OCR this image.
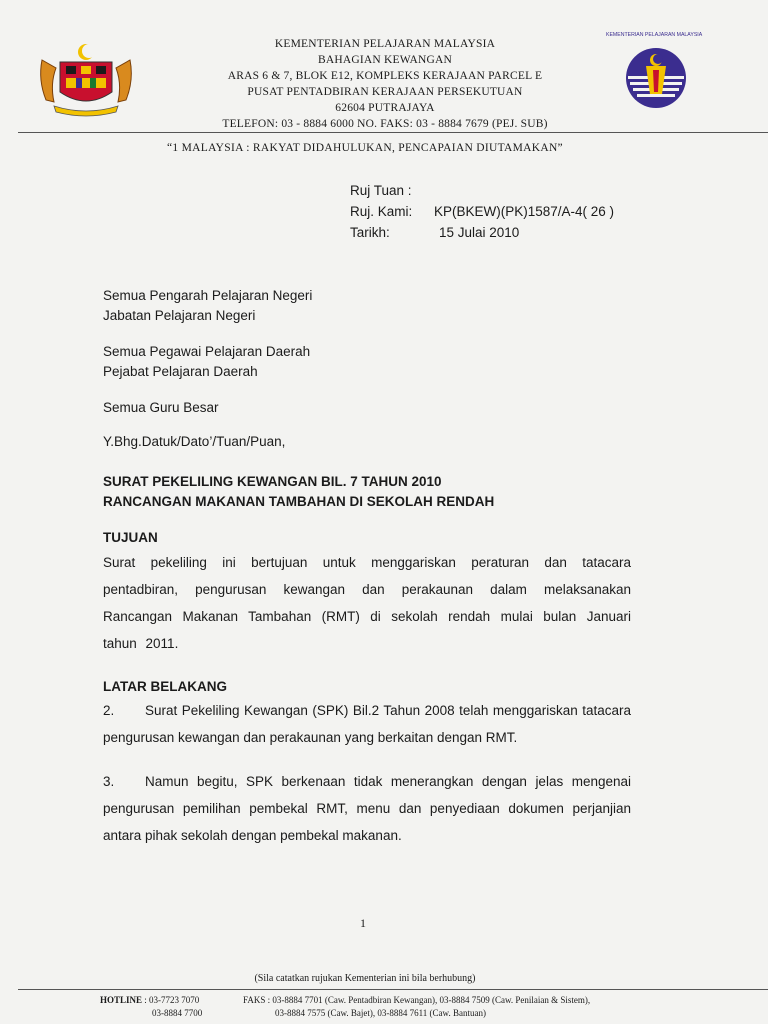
KEMENTERIAN PELAJARAN MALAYSIA
BAHAGIAN KEWANGAN
ARAS 6 & 7, BLOK E12, KOMPLEKS KERAJAAN PARCEL E
PUSAT PENTADBIRAN KERAJAAN PERSEKUTUAN
62604 PUTRAJAYA
TELEFON: 03 - 8884 6000 NO. FAKS: 03 - 8884 7679 (PEJ. SUB)
KEMENTERIAN PELAJARAN MALAYSIA
“1 MALAYSIA : RAKYAT DIDAHULUKAN, PENCAPAIAN DIUTAMAKAN”
Ruj Tuan :
Ruj. Kami: KP(BKEW)(PK)1587/A-4( 26 )
Tarikh:	15 Julai 2010
Semua Pengarah Pelajaran Negeri
Jabatan Pelajaran Negeri
Semua Pegawai Pelajaran Daerah
Pejabat Pelajaran Daerah
Semua Guru Besar
Y.Bhg.Datuk/Dato’/Tuan/Puan,
SURAT PEKELILING KEWANGAN BIL. 7 TAHUN 2010
RANCANGAN MAKANAN TAMBAHAN DI SEKOLAH RENDAH
TUJUAN
Surat pekeliling ini bertujuan untuk menggariskan peraturan dan tatacara pentadbiran, pengurusan kewangan dan perakaunan dalam melaksanakan Rancangan Makanan Tambahan (RMT) di sekolah rendah mulai bulan Januari tahun 2011.
LATAR BELAKANG
2. Surat Pekeliling Kewangan (SPK) Bil.2 Tahun 2008 telah menggariskan tatacara pengurusan kewangan dan perakaunan yang berkaitan dengan RMT.
3. Namun begitu, SPK berkenaan tidak menerangkan dengan jelas mengenai pengurusan pemilihan pembekal RMT, menu dan penyediaan dokumen perjanjian antara pihak sekolah dengan pembekal makanan.
1
(Sila catatkan rujukan Kementerian ini bila berhubung)
HOTLINE : 03-7723 7070
03-8884 7700
FAKS : 03-8884 7701 (Caw. Pentadbiran Kewangan), 03-8884 7509 (Caw. Penilaian & Sistem),
03-8884 7575 (Caw. Bajet), 03-8884 7611 (Caw. Bantuan)
